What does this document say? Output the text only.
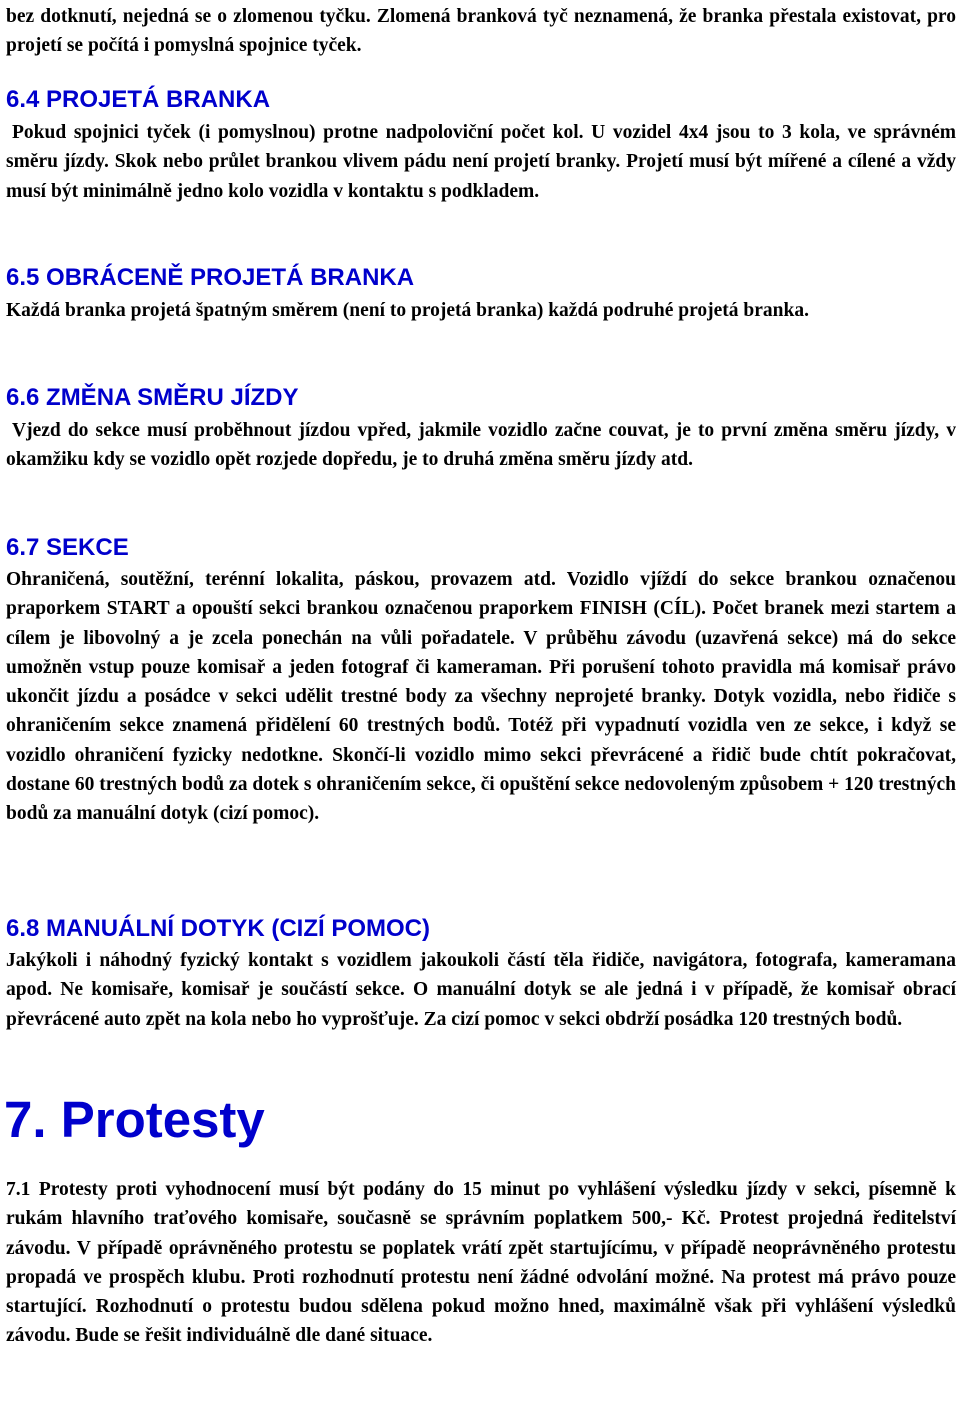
bez dotknutí, nejedná se o zlomenou tyčku. Zlomená branková tyč neznamená, že branka přestala existovat, pro projetí se počítá i pomyslná spojnice tyček.

6.4 PROJETÁ BRANKA

Pokud spojnici tyček (i pomyslnou) protne nadpoloviční počet kol. U vozidel 4x4 jsou to 3 kola, ve správném směru jízdy. Skok nebo průlet brankou vlivem pádu není projetí branky. Projetí musí být mířené a cílené a vždy musí být minimálně jedno kolo vozidla v kontaktu s podkladem.

6.5 OBRÁCENĚ PROJETÁ BRANKA

Každá branka projetá špatným směrem (není to projetá branka) každá podruhé projetá branka.

6.6 ZMĚNA SMĚRU JÍZDY

Vjezd do sekce musí proběhnout jízdou vpřed, jakmile vozidlo začne couvat, je to první změna směru jízdy, v okamžiku kdy se vozidlo opět rozjede dopředu, je to druhá změna směru jízdy atd.

6.7 SEKCE

Ohraničená, soutěžní, terénní lokalita, páskou, provazem atd. Vozidlo vjíždí do sekce brankou označenou praporkem START a opouští sekci brankou označenou praporkem FINISH (CÍL). Počet branek mezi startem a cílem je libovolný a je zcela ponechán na vůli pořadatele. V průběhu závodu (uzavřená sekce) má do sekce umožněn vstup pouze komisař a jeden fotograf či kameraman. Při porušení tohoto pravidla má komisař právo ukončit jízdu a posádce v sekci udělit trestné body za všechny neprojeté branky. Dotyk vozidla, nebo řidiče s ohraničením sekce znamená přidělení 60 trestných bodů. Totéž při vypadnutí vozidla ven ze sekce, i když se vozidlo ohraničení fyzicky nedotkne. Skončí-li vozidlo mimo sekci převrácené a řidič bude chtít pokračovat, dostane 60 trestných bodů za dotek s ohraničením sekce, či opuštění sekce nedovoleným způsobem + 120 trestných bodů za manuální dotyk (cizí pomoc).

6.8 MANUÁLNÍ DOTYK (CIZÍ POMOC)

Jakýkoli i náhodný fyzický kontakt s vozidlem jakoukoli částí těla řidiče, navigátora, fotografa, kameramana apod. Ne komisaře, komisař je součástí sekce. O manuální dotyk se ale jedná i v případě, že komisař obrací převrácené auto zpět na kola nebo ho vyprošťuje. Za cizí pomoc v sekci obdrží posádka 120 trestných bodů.

7. Protesty

7.1 Protesty proti vyhodnocení musí být podány do 15 minut po vyhlášení výsledku jízdy v sekci, písemně k rukám hlavního traťového komisaře, současně se správním poplatkem 500,- Kč. Protest projedná ředitelství závodu. V případě oprávněného protestu se poplatek vrátí zpět startujícímu, v případě neoprávněného protestu propadá ve prospěch klubu. Proti rozhodnutí protestu není žádné odvolání možné. Na protest má právo pouze startující. Rozhodnutí o protestu budou sdělena pokud možno hned, maximálně však při vyhlášení výsledků závodu. Bude se řešit individuálně dle dané situace.
